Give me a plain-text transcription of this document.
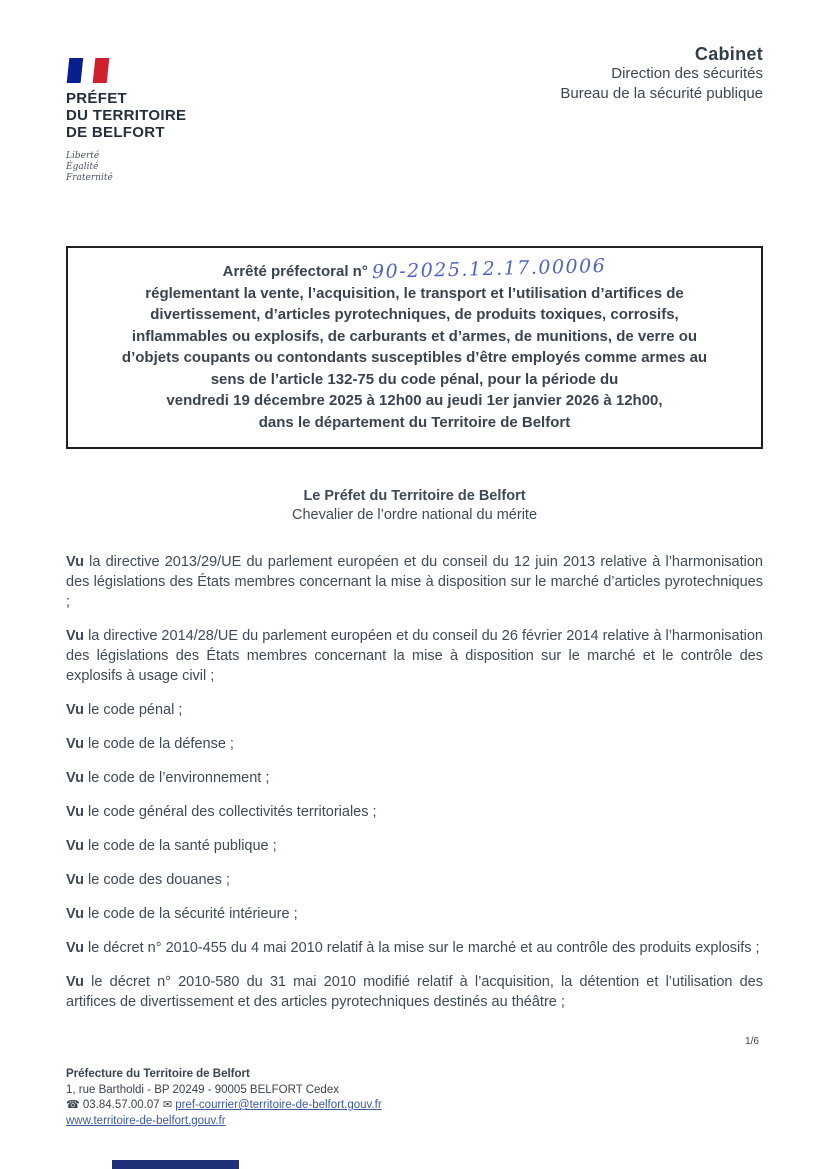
PRÉFET
DU TERRITOIRE
DE BELFORT
Liberté
Égalité
Fraternité
Cabinet
Direction des sécurités
Bureau de la sécurité publique
Arrêté préfectoral n° 90-2025.12.17.00006
réglementant la vente, l’acquisition, le transport et l’utilisation d’artifices de
divertissement, d’articles pyrotechniques, de produits toxiques, corrosifs,
inflammables ou explosifs, de carburants et d’armes, de munitions, de verre ou
d’objets coupants ou contondants susceptibles d’être employés comme armes au
sens de l’article 132-75 du code pénal, pour la période du
vendredi 19 décembre 2025 à 12h00 au jeudi 1er janvier 2026 à 12h00,
dans le département du Territoire de Belfort
Le Préfet du Territoire de Belfort
Chevalier de l’ordre national du mérite

Vu la directive 2013/29/UE du parlement européen et du conseil du 12 juin 2013 relative à l’harmonisation des législations des États membres concernant la mise à disposition sur le marché d’articles pyrotechniques ;

Vu la directive 2014/28/UE du parlement européen et du conseil du 26 février 2014 relative à l’harmonisation des législations des États membres concernant la mise à disposition sur le marché et le contrôle des explosifs à usage civil ;

Vu le code pénal ;

Vu le code de la défense ;

Vu le code de l’environnement ;

Vu le code général des collectivités territoriales ;

Vu le code de la santé publique ;

Vu le code des douanes ;

Vu le code de la sécurité intérieure ;

Vu le décret n° 2010-455 du 4 mai 2010 relatif à la mise sur le marché et au contrôle des produits explosifs ;

Vu le décret n° 2010-580 du 31 mai 2010 modifié relatif à l’acquisition, la détention et l’utilisation des artifices de divertissement et des articles pyrotechniques destinés au théâtre ;

1/6
Préfecture du Territoire de Belfort
1, rue Bartholdi - BP 20249 - 90005 BELFORT Cedex
☎ 03.84.57.00.07 ✉ pref-courrier@territoire-de-belfort.gouv.fr
www.territoire-de-belfort.gouv.fr
